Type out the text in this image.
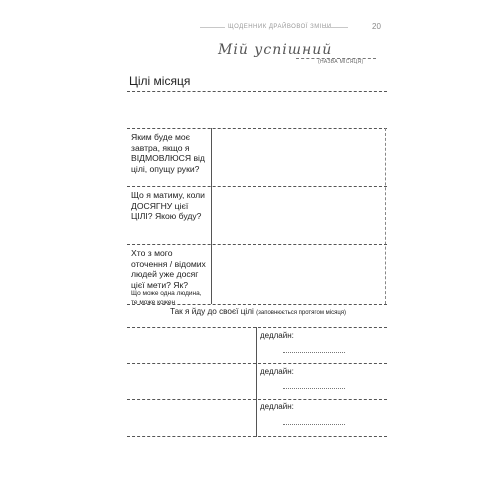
ЩОДЕННИК ДРАЙВОВОЇ ЗМІНИ	20
Мій успішний
(НАЗВА МІСЯЦЯ)
Цілі місяця
Яким буде моє завтра, якщо я ВІДМОВЛЮСЯ від цілі, опущу руки?
Що я матиму, коли ДОСЯГНУ цієї ЦІЛІ? Якою буду?
Хто з мого оточення / відомих людей уже досяг цієї мети? Як?
Що може одна людина, те може кожен
Так я йду до своєї цілі (заповнюється протягом місяця)
дедлайн:
дедлайн:
дедлайн:
